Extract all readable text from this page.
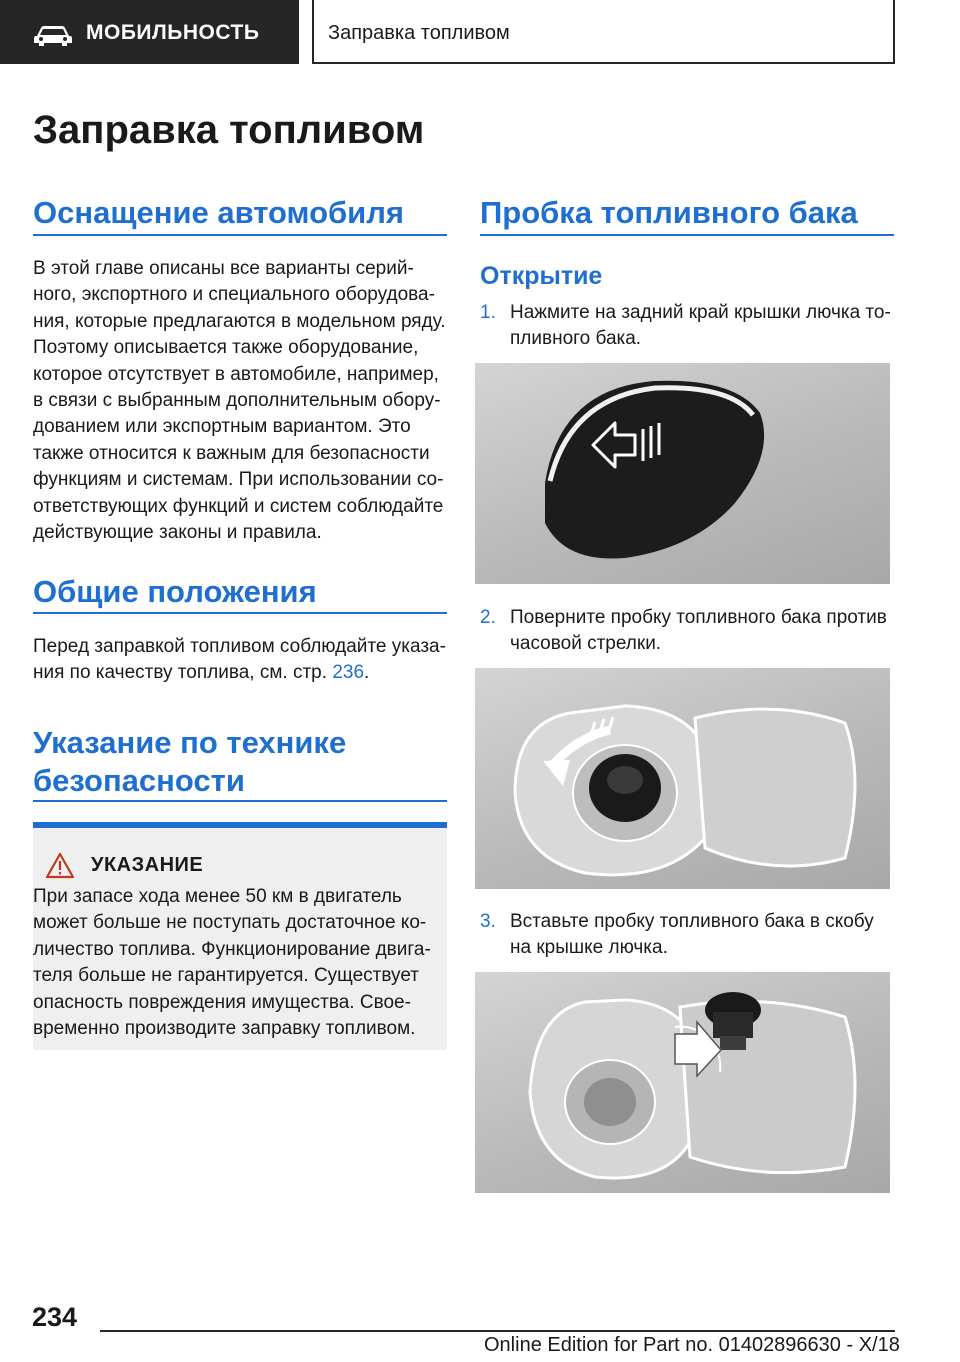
МОБИЛЬНОСТЬ	Заправка топливом
Заправка топливом
Оснащение автомобиля
В этой главе описаны все варианты серий-
ного, экспортного и специального оборудова-
ния, которые предлагаются в модельном ряду.
Поэтому описывается также оборудование,
которое отсутствует в автомобиле, например,
в связи с выбранным дополнительным обору-
дованием или экспортным вариантом. Это
также относится к важным для безопасности
функциям и системам. При использовании со-
ответствующих функций и систем соблюдайте
действующие законы и правила.
Общие положения
Перед заправкой топливом соблюдайте указа-
ния по качеству топлива, см. стр. 236.
Указание по технике
безопасности
УКАЗАНИЕ
При запасе хода менее 50 км в двигатель
может больше не поступать достаточное ко-
личество топлива. Функционирование двига-
теля больше не гарантируется. Существует
опасность повреждения имущества. Свое-
временно производите заправку топливом.
Пробка топливного бака
Открытие
1. Нажмите на задний край крышки лючка то-
пливного бака.
2. Поверните пробку топливного бака против
часовой стрелки.
3. Вставьте пробку топливного бака в скобу
на крышке лючка.
234
Online Edition for Part no. 01402896630 - X/18
